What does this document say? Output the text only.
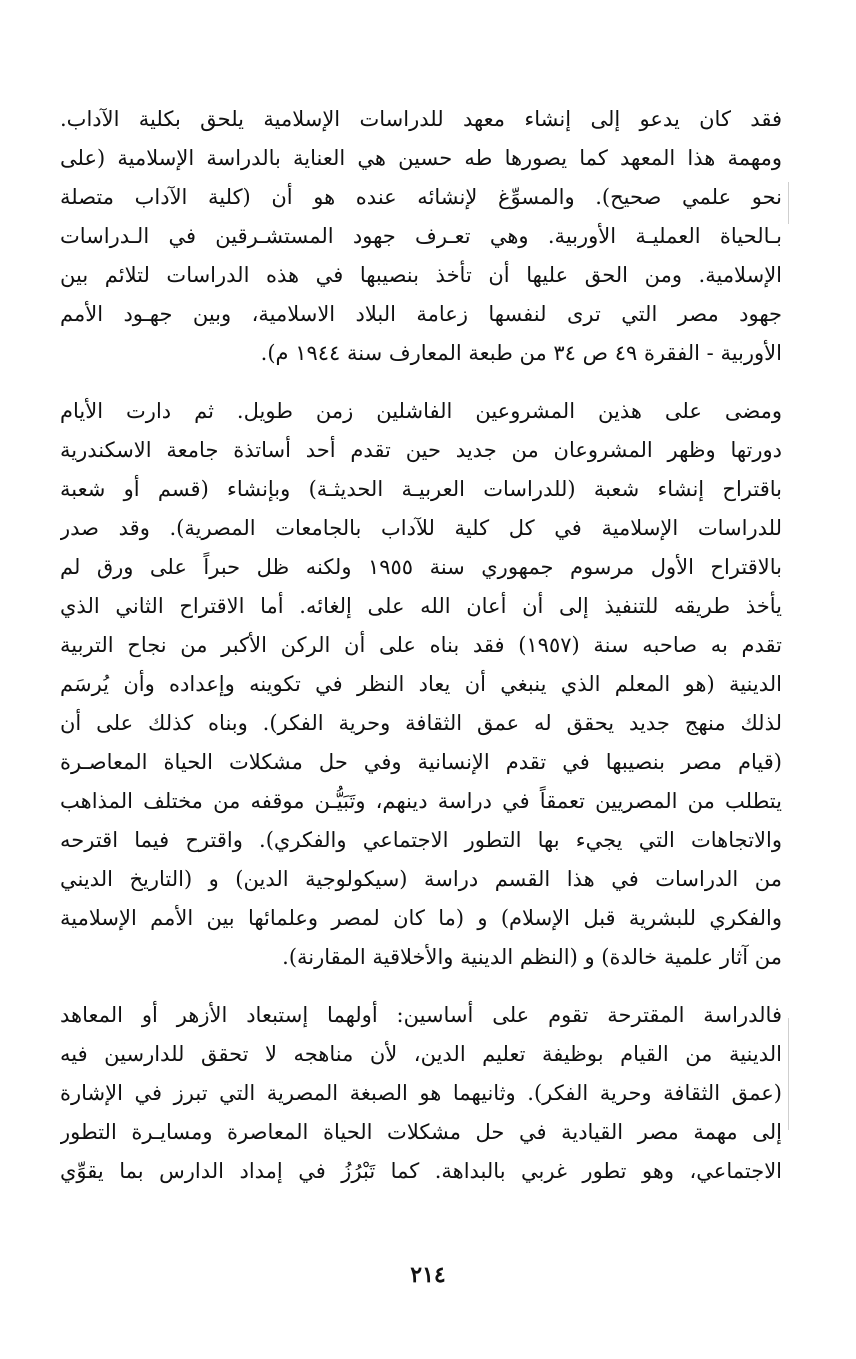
فقد كان يدعو إلى إنشاء معهد للدراسات الإسلامية يلحق بكلية الآداب.
ومهمة هذا المعهد كما يصورها طه حسين هي العناية بالدراسة الإسلامية (على
نحو علمي صحيح). والمسوِّغ لإنشائه عنده هو أن (كلية الآداب متصلة
بـالحياة العمليـة الأوربية. وهي تعـرف جهود المستشـرقين في الـدراسات
الإسلامية. ومن الحق عليها أن تأخذ بنصيبها في هذه الدراسات لتلائم بين
جهود مصر التي ترى لنفسها زعامة البلاد الاسلامية، وبين جهـود الأمم
الأوربية - الفقرة ٤٩ ص ٣٤ من طبعة المعارف سنة ١٩٤٤ م).
ومضى على هذين المشروعين الفاشلين زمن طويل. ثم دارت الأيام
دورتها وظهر المشروعان من جديد حين تقدم أحد أساتذة جامعة الاسكندرية
باقتراح إنشاء شعبة (للدراسات العربيـة الحديثـة) وبإنشاء (قسم أو شعبة
للدراسات الإسلامية في كل كلية للآداب بالجامعات المصرية). وقد صدر
بالاقتراح الأول مرسوم جمهوري سنة ١٩٥٥ ولكنه ظل حبراً على ورق لم
يأخذ طريقه للتنفيذ إلى أن أعان الله على إلغائه. أما الاقتراح الثاني الذي
تقدم به صاحبه سنة (١٩٥٧) فقد بناه على أن الركن الأكبر من نجاح التربية
الدينية (هو المعلم الذي ينبغي أن يعاد النظر في تكوينه وإعداده وأن يُرسَم
لذلك منهج جديد يحقق له عمق الثقافة وحرية الفكر). وبناه كذلك على أن
(قيام مصر بنصيبها في تقدم الإنسانية وفي حل مشكلات الحياة المعاصـرة
يتطلب من المصريين تعمقاً في دراسة دينهم، وتَبَيُّـن موقفه من مختلف المذاهب
والاتجاهات التي يجيء بها التطور الاجتماعي والفكري). واقترح فيما اقترحه
من الدراسات في هذا القسم دراسة (سيكولوجية الدين) و (التاريخ الديني
والفكري للبشرية قبل الإسلام) و (ما كان لمصر وعلمائها بين الأمم الإسلامية
من آثار علمية خالدة) و (النظم الدينية والأخلاقية المقارنة).
فالدراسة المقترحة تقوم على أساسين: أولهما إستبعاد الأزهر أو المعاهد
الدينية من القيام بوظيفة تعليم الدين، لأن مناهجه لا تحقق للدارسين فيه
(عمق الثقافة وحرية الفكر). وثانيهما هو الصبغة المصرية التي تبرز في الإشارة
إلى مهمة مصر القيادية في حل مشكلات الحياة المعاصرة ومسايـرة التطور
الاجتماعي، وهو تطور غربي بالبداهة. كما تَبْرُزُ في إمداد الدارس بما يقوِّي
٢١٤
